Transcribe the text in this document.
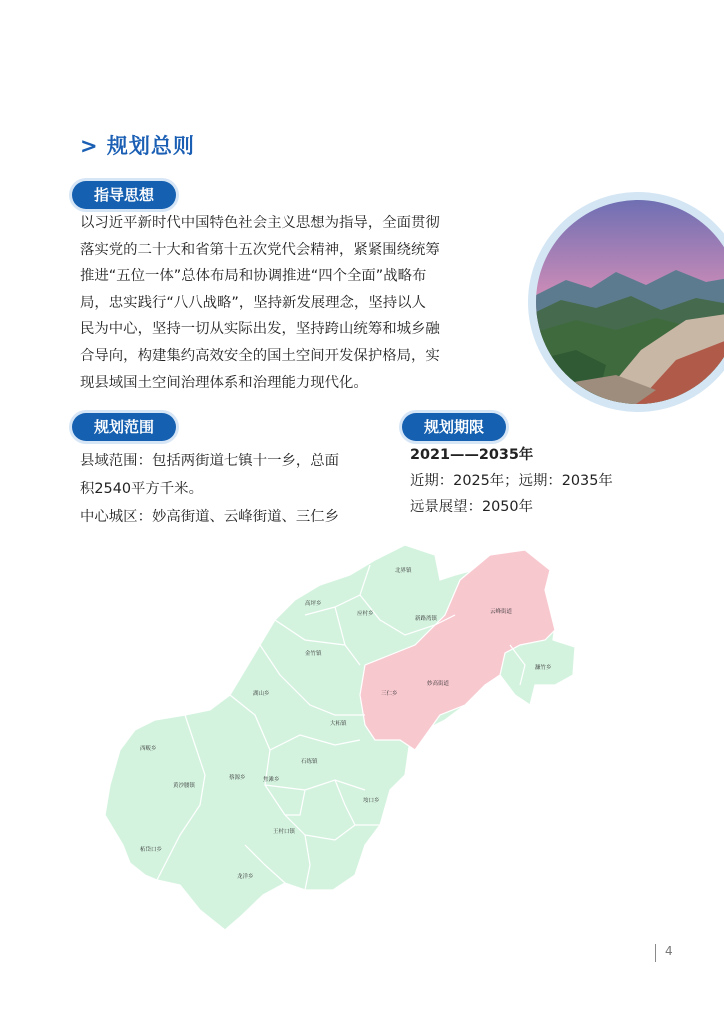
> 规划总则
指导思想

以习近平新时代中国特色社会主义思想为指导，全面贯彻

落实党的二十大和省第十五次党代会精神，紧紧围绕统筹

推进“五位一体”总体布局和协调推进“四个全面”战略布

局，忠实践行“八八战略”，坚持新发展理念，坚持以人

民为中心，坚持一切从实际出发，坚持跨山统筹和城乡融

合导向，构建集约高效安全的国土空间开发保护格局，实

现县域国土空间治理体系和治理能力现代化。

规划范围

县域范围：包括两街道七镇十一乡，总面

积2540平方千米。

中心城区：妙高街道、云峰街道、三仁乡

规划期限

2021——2035年

近期：2025年；远期：2035年

远景展望：2050年

北界镇
高坪乡
应村乡
新路湾镇
云峰街道
濂竹乡
金竹镇
三仁乡
妙高街道
湖山乡
大柘镇
西畈乡
蔡源乡	焦滩乡
石练镇
黄沙腰镇
垵口乡
王村口镇
柘岱口乡
龙洋乡
4
